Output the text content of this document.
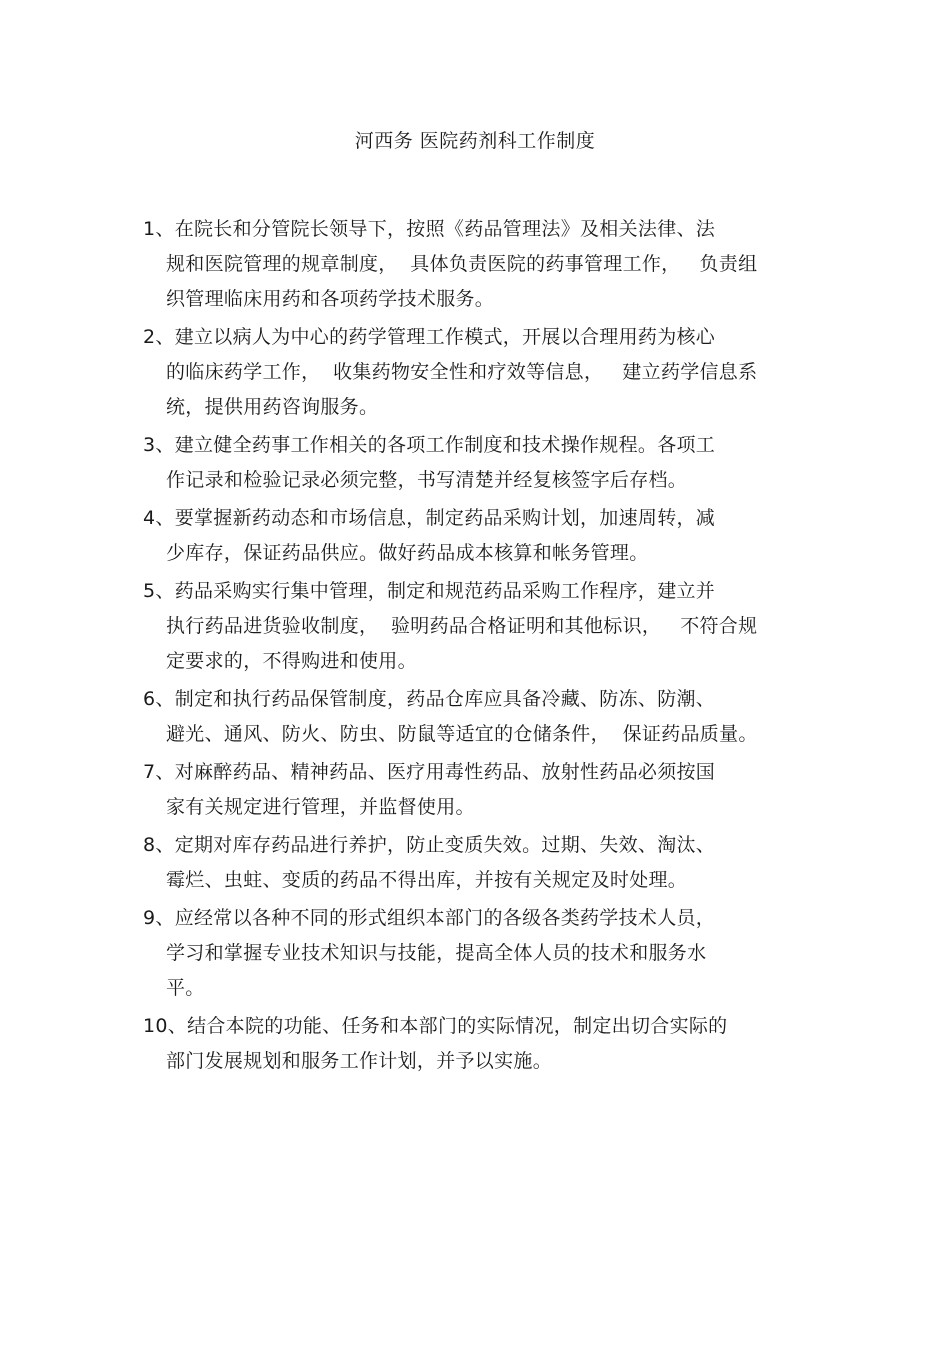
河西务 医院药剂科工作制度
1、在院长和分管院长领导下，按照《药品管理法》及相关法律、法
规和医院管理的规章制度，  具体负责医院的药事管理工作，   负责组
织管理临床用药和各项药学技术服务。
2、建立以病人为中心的药学管理工作模式，开展以合理用药为核心
的临床药学工作，  收集药物安全性和疗效等信息，   建立药学信息系
统，提供用药咨询服务。
3、建立健全药事工作相关的各项工作制度和技术操作规程。各项工
作记录和检验记录必须完整，书写清楚并经复核签字后存档。
4、要掌握新药动态和市场信息，制定药品采购计划，加速周转，减
少库存，保证药品供应。做好药品成本核算和帐务管理。
5、药品采购实行集中管理，制定和规范药品采购工作程序，建立并
执行药品进货验收制度，  验明药品合格证明和其他标识，   不符合规
定要求的，不得购进和使用。
6、制定和执行药品保管制度，药品仓库应具备冷藏、防冻、防潮、
避光、通风、防火、防虫、防鼠等适宜的仓储条件，  保证药品质量。
7、对麻醉药品、精神药品、医疗用毒性药品、放射性药品必须按国
家有关规定进行管理，并监督使用。
8、定期对库存药品进行养护，防止变质失效。过期、失效、淘汰、
霉烂、虫蛀、变质的药品不得出库，并按有关规定及时处理。
9、应经常以各种不同的形式组织本部门的各级各类药学技术人员，
学习和掌握专业技术知识与技能，提高全体人员的技术和服务水
平。
10、结合本院的功能、任务和本部门的实际情况，制定出切合实际的
部门发展规划和服务工作计划，并予以实施。
